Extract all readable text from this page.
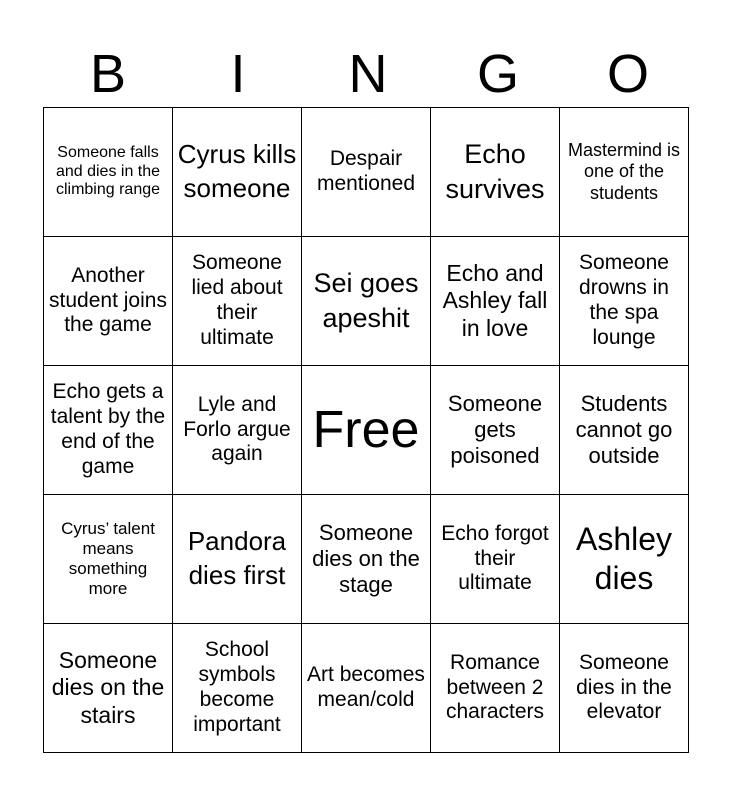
B	I	N	G	O
Someone falls and dies in the climbing range	Cyrus kills someone	Despair mentioned	Echo survives	Mastermind is one of the students
Another student joins the game	Someone lied about their ultimate	Sei goes apeshit	Echo and Ashley fall in love	Someone drowns in the spa lounge
Echo gets a talent by the end of the game	Lyle and Forlo argue again	Free	Someone gets poisoned	Students cannot go outside
Cyrus’ talent means something more	Pandora dies first	Someone dies on the stage	Echo forgot their ultimate	Ashley dies
Someone dies on the stairs	School symbols become important	Art becomes mean/cold	Romance between 2 characters	Someone dies in the elevator
